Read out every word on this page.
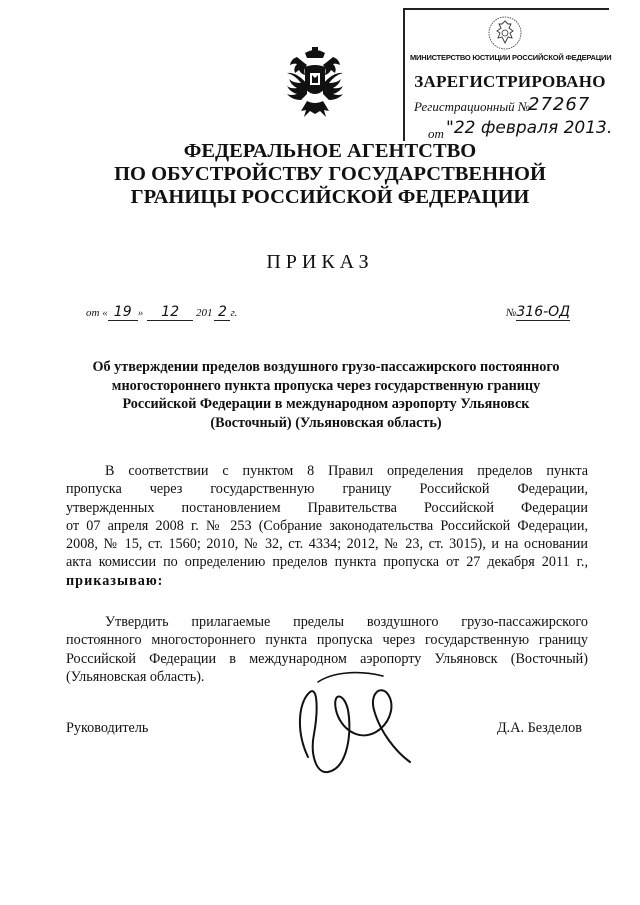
МИНИСТЕРСТВО ЮСТИЦИИ РОССИЙСКОЙ ФЕДЕРАЦИИ
ЗАРЕГИСТРИРОВАНО
Регистрационный №
27267
от "22 февраля 2013.
ФЕДЕРАЛЬНОЕ АГЕНТСТВО
ПО ОБУСТРОЙСТВУ ГОСУДАРСТВЕННОЙ
ГРАНИЦЫ РОССИЙСКОЙ ФЕДЕРАЦИИ
ПРИКАЗ
от « 19 » 12 201 2 г.	№316-ОД
Об утверждении пределов воздушного грузо-пассажирского постоянного
многостороннего пункта пропуска через государственную границу
Российской Федерации в международном аэропорту Ульяновск
(Восточный) (Ульяновская область)
В соответствии с пунктом 8 Правил определения пределов пункта
пропуска через государственную границу Российской Федерации,
утвержденных постановлением Правительства Российской Федерации
от 07 апреля 2008 г. № 253 (Собрание законодательства Российской Федерации,
2008, № 15, ст. 1560; 2010, № 32, ст. 4334; 2012, № 23, ст. 3015), и на основании
акта комиссии по определению пределов пункта пропуска от 27 декабря 2011 г.,
приказываю:
Утвердить прилагаемые пределы воздушного грузо-пассажирского
постоянного многостороннего пункта пропуска через государственную границу
Российской Федерации в международном аэропорту Ульяновск (Восточный)
(Ульяновская область).
Руководитель	Д.А. Безделов
